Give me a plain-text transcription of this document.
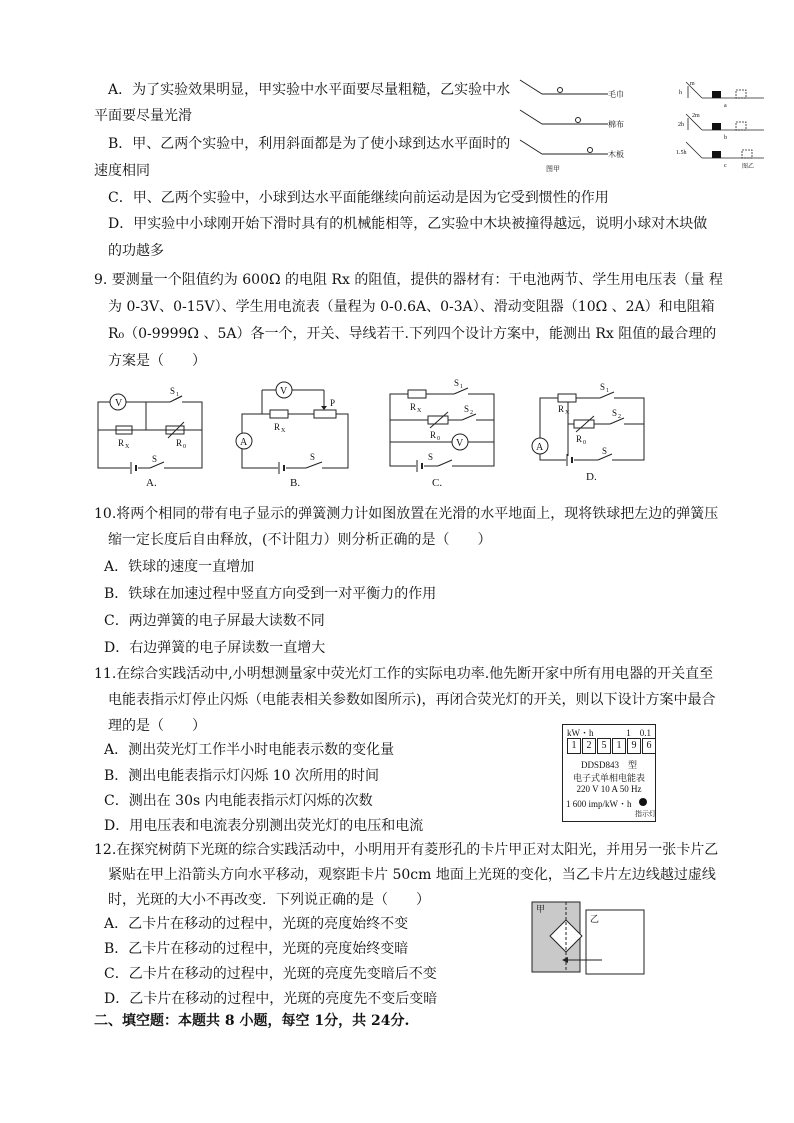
A．为了实验效果明显，甲实验中水平面要尽量粗糙，乙实验中水
平面要尽量光滑
B．甲、乙两个实验中，利用斜面都是为了使小球到达水平面时的
速度相同
C．甲、乙两个实验中，小球到达水平面能继续向前运动是因为它受到惯性的作用
D．甲实验中小球刚开始下滑时具有的机械能相等，乙实验中木块被撞得越远，说明小球对木块做
的功越多
毛巾
棉布
木板
图甲
h
m
2h
2m
1.5h
a
b
c	图乙
9. 要测量一个阻值约为 600Ω 的电阻 Rx 的阻值，提供的器材有：干电池两节、学生用电压表（量 程
为 0-3V、0-15V）、学生用电流表（量程为 0-0.6A、0-3A）、滑动变阻器（10Ω 、2A）和电阻箱
R₀（0-9999Ω 、5A）各一个，开关、导线若干.下列四个设计方案中，能测出 Rx 阻值的最合理的
方案是（　　）
V
R X	R 0
S 1
S
A.
V
A
R X
P
S
B.
R X
R 0 V
S 1
S 2
S
C.
A
R X
R 0
S 1
S 2
S
D.
10.将两个相同的带有电子显示的弹簧测力计如图放置在光滑的水平地面上，现将铁球把左边的弹簧压
缩一定长度后自由释放，(不计阻力）则分析正确的是（　　）
A．铁球的速度一直增加
B．铁球在加速过程中竖直方向受到一对平衡力的作用
C．两边弹簧的电子屏最大读数不同
D．右边弹簧的电子屏读数一直增大
11.在综合实践活动中,小明想测量家中荧光灯工作的实际电功率.他先断开家中所有用电器的开关直至
电能表指示灯停止闪烁（电能表相关参数如图所示)，再闭合荧光灯的开关，则以下设计方案中最合
理的是（　　）
A．测出荧光灯工作半小时电能表示数的变化量
B．测出电能表指示灯闪烁 10 次所用的时间
C．测出在 30s 内电能表指示灯闪烁的次数
D．用电压表和电流表分别测出荧光灯的电压和电流
kW・h	1　0.1
1	2	5	1	9	6
DDSD843　型
电子式单相电能表
220 V 10 A 50 Hz
1 600 imp/kW・h
指示灯
12.在探究树荫下光斑的综合实践活动中，小明用开有菱形孔的卡片甲正对太阳光，并用另一张卡片乙
紧贴在甲上沿箭头方向水平移动，观察距卡片 50cm 地面上光斑的变化，当乙卡片左边线越过虚线
时，光斑的大小不再改变．下列说正确的是（　　）
A．乙卡片在移动的过程中，光斑的亮度始终不变
B．乙卡片在移动的过程中，光斑的亮度始终变暗
C．乙卡片在移动的过程中，光斑的亮度先变暗后不变
D．乙卡片在移动的过程中，光斑的亮度先不变后变暗
甲
乙
二、填空题：本题共 8 小题，每空 1分，共 24分.
